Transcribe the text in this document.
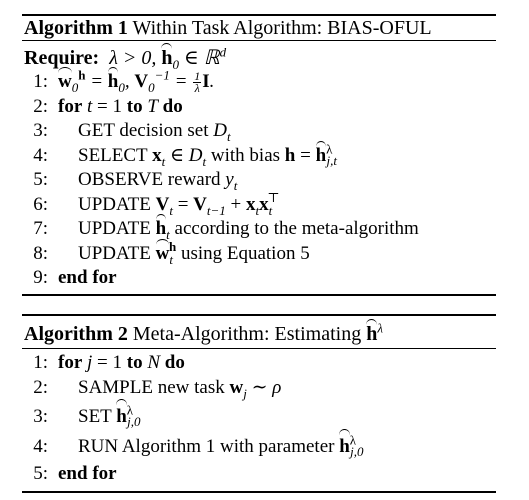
Algorithm 1 Within Task Algorithm: BIAS-OFUL
Require:  λ > 0, $h_0$ ∈ ℝ$^d$
1: $w_0^h = h_0$, $V_0^{-1} = \frac{1}{\lambda} I$.
2: for t = 1 to T do
3:	GET decision set $D_t$
4:	SELECT $x_t$ ∈ $D_t$ with bias $h = h^\lambda_{j,t}$
5:	OBSERVE reward $y_t$
6:	UPDATE $V_t = V_{t-1} + x_tx_t^⊤$
7:	UPDATE $h_t$ according to the meta-algorithm
8:	UPDATE $w_t^h$ using Equation 5
9: end for
Algorithm 2 Meta-Algorithm: Estimating $h^\lambda$
1: for j = 1 to N do
2:	SAMPLE new task $w_j$ ∼ ρ
3:	SET $h^\lambda_{j,0}$
4:	RUN Algorithm 1 with parameter $h^\lambda_{j,0}$
5: end for
